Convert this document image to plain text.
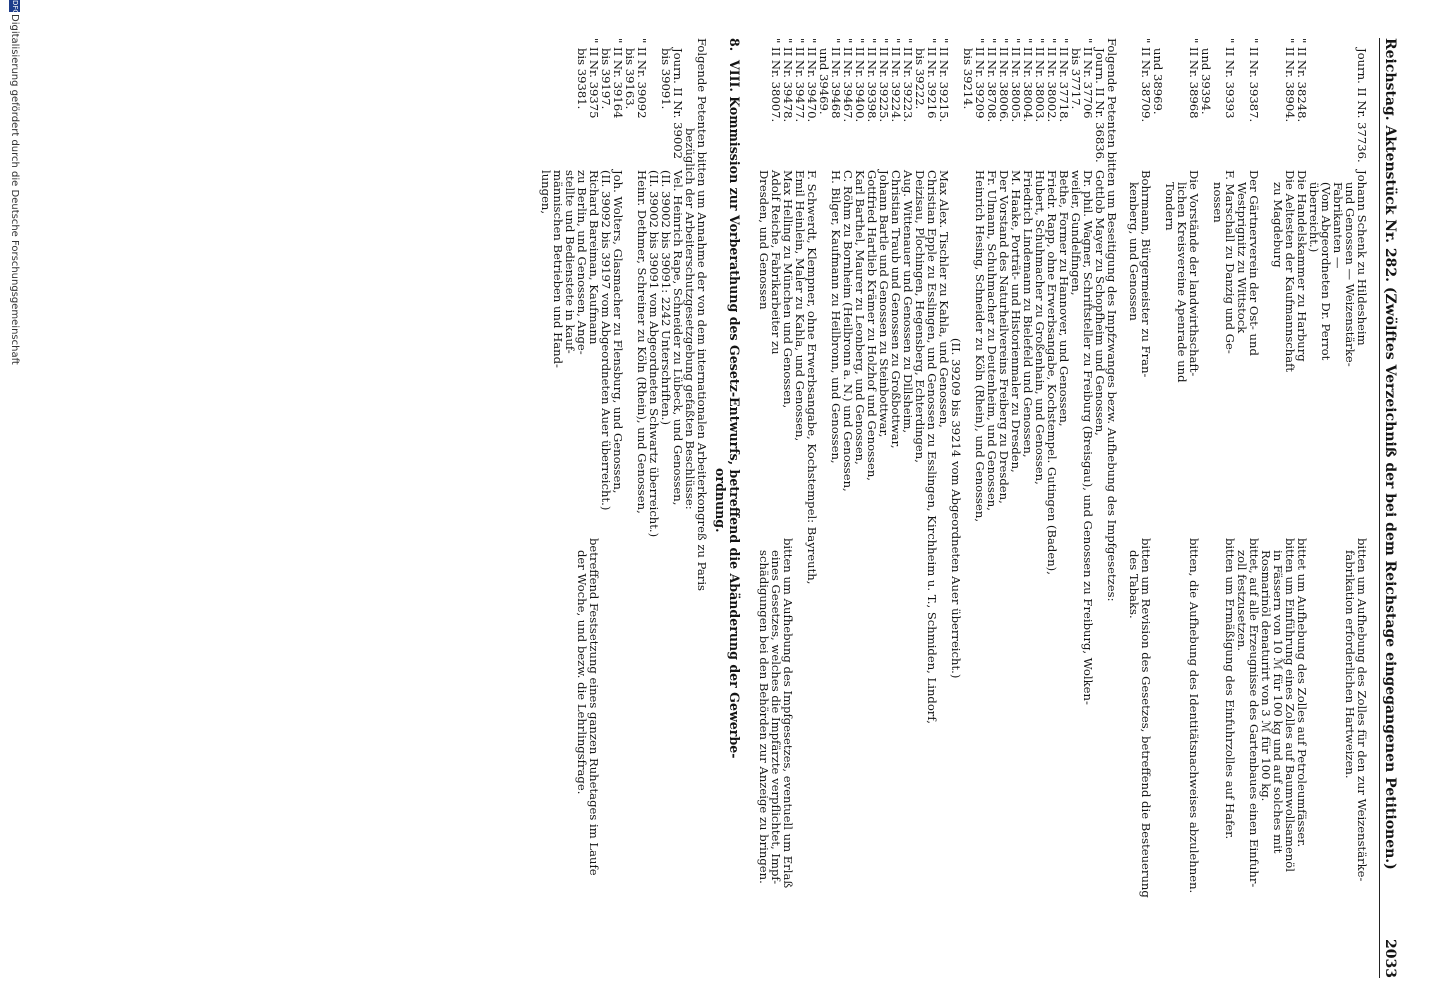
Reichstag. Aktenstück Nr. 282. (Zwölftes Verzeichniß der bei dem Reichstage eingegangenen Petitionen.)
2033
Journ. II Nr. 37736.
Johann Schenk zu Hildesheim
und Genossen — Weizenstärke-
Fabrikanten —
(Vom Abgeordneten Dr. Perrot
überreicht.)
bitten um Aufhebung des Zolles für den zur Weizenstärke-
fabrikation erforderlichen Hartweizen.
" II Nr. 38248.
Die Handelskammer zu Harburg
bittet um Aufhebung des Zolles auf Petroleumfässer.
" II Nr. 38904.
Die Aeltesten der Kaufmannschaft
zu Magdeburg
bitten um Einführung eines Zolles auf Baumwollsamenöl
in Fässern von 10 ℳ für 100 kg und auf solches mit
Rosmarinöl denaturirt von 3 ℳ für 100 kg.
" II Nr. 39387.
Der Gärtnerverein der Ost- und
Westprignitz zu Wittstock
bittet, auf alle Erzeugnisse des Gartenbaues einen Einfuhr-
zoll festzusetzen.
" II Nr. 39393
F. Marschall zu Danzig und Ge-
nossen
bitten um Ermäßigung des Einfuhrzolles auf Hafer.
und 39394.
" II Nr. 38968
Die Vorstände der landwirthschaft-
lichen Kreisvereine Apenrade und
Tondern
bitten, die Aufhebung des Identitätsnachweises abzulehnen.
und 38969.
" II Nr. 38709.
Bohrmann, Bürgermeister zu Fran-
kenberg, und Genossen
bitten um Revision des Gesetzes, betreffend die Besteuerung
des Tabaks.
Folgende Petenten bitten um Beseitigung des Impfzwanges bezw. Aufhebung des Impfgesetzes:
Journ. II Nr. 36836.
Gottlob Mayer zu Schopfheim und Genossen,
" II Nr. 37706
Dr. phil. Wagner, Schriftsteller zu Freiburg (Breisgau), und Genossen zu Freiburg, Wolken-
bis 37717.
weiler, Gundelfingen,
" II Nr. 37718.
Bethe, Former zu Hannover, und Genossen,
" II Nr. 38002.
Friedr. Rapp, ohne Erwerbsangabe, Kochstempel. Gutingen (Baden),
" II Nr. 38003.
Hubert, Schuhmacher zu Großenhain, und Genossen,
" II Nr. 38004.
Friedrich Lindemann zu Bielefeld und Genossen,
" II Nr. 38005.
M. Haake, Porträt- und Historienmaler zu Dresden,
" II Nr. 38006.
Der Vorstand des Naturheilvereins Freiberg zu Dresden,
" II Nr. 38708.
Fr. Ulmann, Schuhmacher zu Deutenheim, und Genossen,
" II Nr. 39209
Heinrich Hesing, Schneider zu Köln (Rhein), und Genossen,
bis 39214.
(II. 39209 bis 39214 vom Abgeordneten Auer überreicht.)
" II Nr. 39215.
Max Alex. Tischler zu Kahla, und Genossen,
" II Nr. 39216
Christian Epple zu Esslingen, und Genossen zu Esslingen, Kirchheim u. T., Schmiden, Lindorf,
bis 39222.
Deizisau, Plochingen, Hegensberg, Echterdingen,
" II Nr. 39223.
Aug. Wittenauer und Genossen zu Dillsheim,
" II Nr. 39224.
Christian Traub und Genossen zu Großbottwar,
" II Nr. 39225.
Johann Bartle und Genossen zu Steinbottwar,
" II Nr. 39398.
Gottfried Hartlieb Krämer zu Holzhof und Genossen,
" II Nr. 39400.
Karl Barthel, Maurer zu Leonberg, und Genossen,
" II Nr. 39467.
C. Röhm zu Bornheim (Heilbronn a. N.) und Genossen,
" II Nr. 39468
H. Bilger, Kaufmann zu Heilbronn, und Genossen,
und 39469.
" II Nr. 39470.
F. Schwerdt, Klempner, ohne Erwerbsangabe, Kochstempel: Bayreuth,
" II Nr. 39477.
Emil Heinlein, Maler zu Kahla, und Genossen,
" II Nr. 39478.
Max Helling zu München und Genossen,
" II Nr. 38007.
Adolf Reiche, Fabrikarbeiter zu
bitten um Aufhebung des Impfgesetzes, eventuell um Erlaß
eines Gesetzes, welches die Impfärzte verpflichtet, Impf-
schädigungen bei den Behörden zur Anzeige zu bringen.
Dresden, und Genossen
8.
VIII. Kommission zur Vorberathung des Gesetz-Entwurfs, betreffend die Abänderung der Gewerbe-
ordnung.
Folgende Petenten bitten um Annahme der von dem internationalen Arbeiterkongreß zu Paris
bezüglich der Arbeiterschutzgesetzgebung gefaßten Beschlüsse:
Journ. II Nr. 39002
Vel. Heinrich Rape, Schneider zu Lübeck, und Genossen,
bis 39091.
(II. 39002 bis 39091: 2242 Unterschriften.)
(II. 39002 bis 39091 vom Abgeordneten Schwartz überreicht.)
" II Nr. 39092
Heinr. Dethmer, Schreiner zu Köln (Rhein), und Genossen,
bis 39163.
" II Nr. 39164
Joh. Wolters, Glasmacher zu Flensburg, und Genossen,
bis 39197.
(II. 39092 bis 39197 vom Abgeordneten Auer überreicht.)
" II Nr. 39375
Richard Bareiman, Kaufmann
betreffend Festsetzung eines ganzen Ruhetages im Laufe
der Woche, und bezw. die Lehrlingsfrage.
bis 39381.
zu Berlin, und Genossen, Ange-
stellte und Bedienstete in kauf-
männischen Betrieben und Hand-
lungen,
DFG
Digitalisierung gefördert durch die Deutsche Forschungsgemeinschaft
